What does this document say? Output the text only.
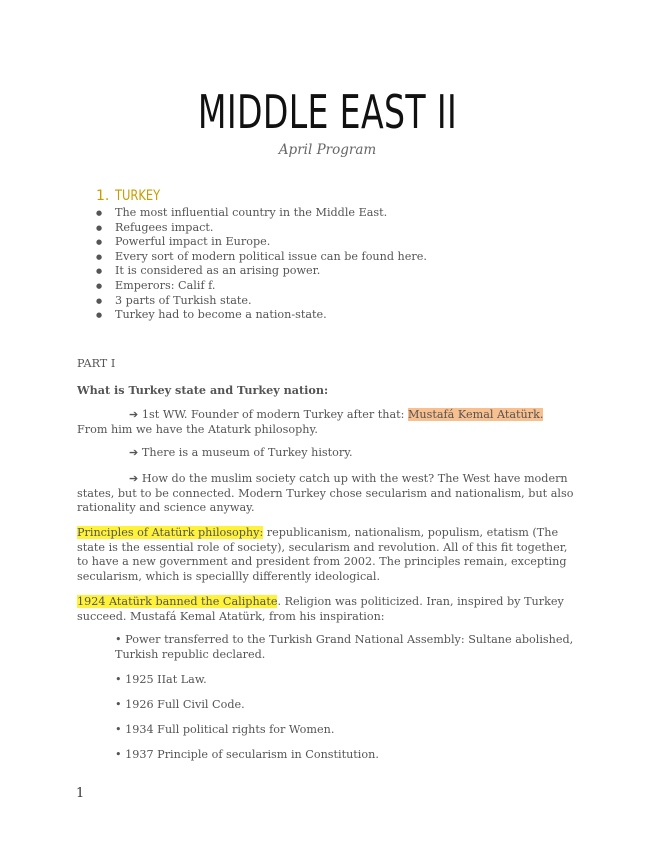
MIDDLE EAST II
April Program
1. TURKEY
● The most influential country in the Middle East.
● Refugees impact.
● Powerful impact in Europe.
● Every sort of modern political issue can be found here.
● It is considered as an arising power.
● Emperors: Calif f.
● 3 parts of Turkish state.
● Turkey had to become a nation-state.
PART I
What is Turkey state and Turkey nation:
➔ 1st WW. Founder of modern Turkey after that: Mustafá Kemal Atatürk. From him we have the Ataturk philosophy.
➔ There is a museum of Turkey history.
➔ How do the muslim society catch up with the west? The West have modern states, but to be connected. Modern Turkey chose secularism and nationalism, but also rationality and science anyway.
Principles of Atatürk philosophy: republicanism, nationalism, populism, etatism (The state is the essential role of society), secularism and revolution. All of this fit together, to have a new government and president from 2002. The principles remain, excepting secularism, which is speciallly differently ideological.
1924 Atatürk banned the Caliphate. Religion was politicized. Iran, inspired by Turkey succeed. Mustafá Kemal Atatürk, from his inspiration:
• Power transferred to the Turkish Grand National Assembly: Sultane abolished, Turkish republic declared.
• 1925 IIat Law.
• 1926 Full Civil Code.
• 1934 Full political rights for Women.
• 1937 Principle of secularism in Constitution.
1
